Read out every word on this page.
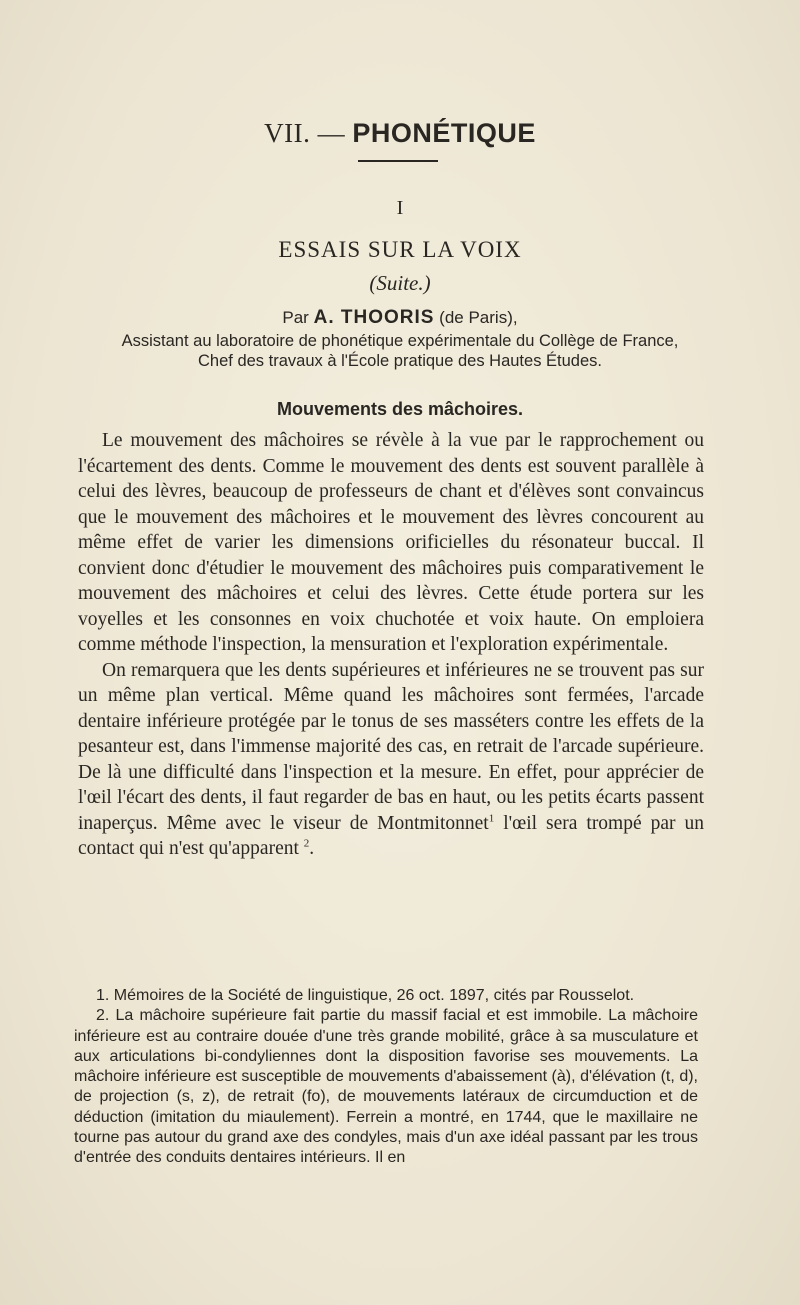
VII. — PHONÉTIQUE
I
ESSAIS SUR LA VOIX
(Suite.)
Par A. THOORIS (de Paris),
Assistant au laboratoire de phonétique expérimentale du Collège de France,
Chef des travaux à l'École pratique des Hautes Études.
Mouvements des mâchoires.

Le mouvement des mâchoires se révèle à la vue par le rapprochement ou l'écartement des dents. Comme le mouvement des dents est souvent parallèle à celui des lèvres, beaucoup de professeurs de chant et d'élèves sont convaincus que le mouvement des mâchoires et le mouvement des lèvres concourent au même effet de varier les dimensions orificielles du résonateur buccal. Il convient donc d'étudier le mouvement des mâchoires puis comparativement le mouvement des mâchoires et celui des lèvres. Cette étude portera sur les voyelles et les consonnes en voix chuchotée et voix haute. On emploiera comme méthode l'inspection, la mensuration et l'exploration expérimentale.

On remarquera que les dents supérieures et inférieures ne se trouvent pas sur un même plan vertical. Même quand les mâchoires sont fermées, l'arcade dentaire inférieure protégée par le tonus de ses masséters contre les effets de la pesanteur est, dans l'immense majorité des cas, en retrait de l'arcade supérieure. De là une difficulté dans l'inspection et la mesure. En effet, pour apprécier de l'œil l'écart des dents, il faut regarder de bas en haut, ou les petits écarts passent inaperçus. Même avec le viseur de Montmitonnet$^1$ l'œil sera trompé par un contact qui n'est qu'apparent $^2$.

1. Mémoires de la Société de linguistique, 26 oct. 1897, cités par Rousselot.

2. La mâchoire supérieure fait partie du massif facial et est immobile. La mâchoire inférieure est au contraire douée d'une très grande mobilité, grâce à sa musculature et aux articulations bi-condyliennes dont la disposition favorise ses mouvements. La mâchoire inférieure est susceptible de mouvements d'abaissement (à), d'élévation (t, d), de projection (s, z), de retrait (fo), de mouvements latéraux de circumduction et de déduction (imitation du miaulement). Ferrein a montré, en 1744, que le maxillaire ne tourne pas autour du grand axe des condyles, mais d'un axe idéal passant par les trous d'entrée des conduits dentaires intérieurs. Il en
